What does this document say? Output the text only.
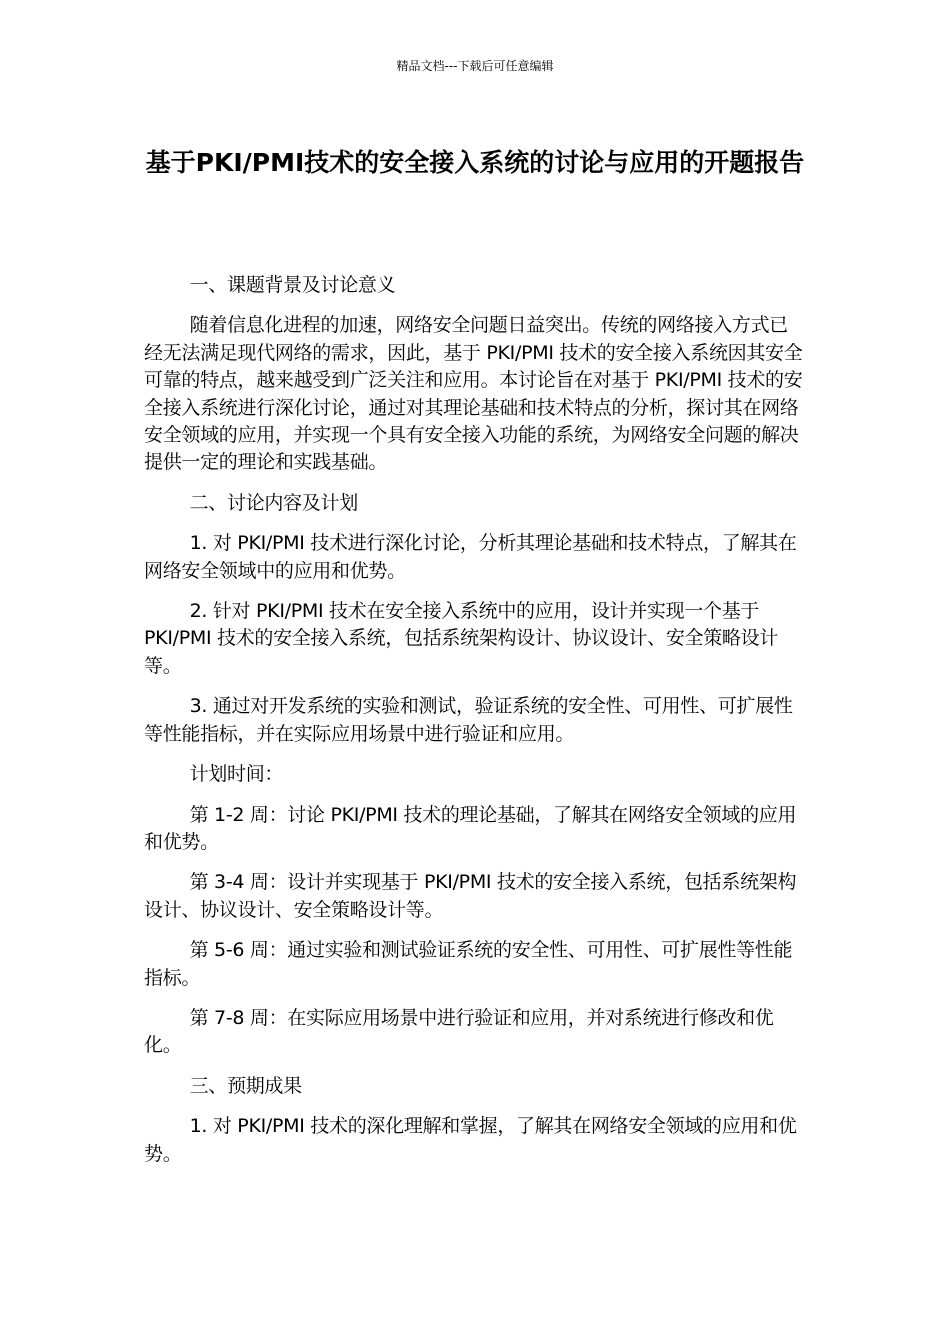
精品文档---下载后可任意编辑
基于PKI/PMI技术的安全接入系统的讨论与应用的开题报告

一、课题背景及讨论意义

随着信息化进程的加速，网络安全问题日益突出。传统的网络接入方式已经无法满足现代网络的需求，因此，基于 PKI/PMI 技术的安全接入系统因其安全可靠的特点，越来越受到广泛关注和应用。本讨论旨在对基于 PKI/PMI 技术的安全接入系统进行深化讨论，通过对其理论基础和技术特点的分析，探讨其在网络安全领域的应用，并实现一个具有安全接入功能的系统，为网络安全问题的解决提供一定的理论和实践基础。

二、讨论内容及计划

1. 对 PKI/PMI 技术进行深化讨论，分析其理论基础和技术特点，了解其在网络安全领域中的应用和优势。

2. 针对 PKI/PMI 技术在安全接入系统中的应用，设计并实现一个基于 PKI/PMI 技术的安全接入系统，包括系统架构设计、协议设计、安全策略设计等。

3. 通过对开发系统的实验和测试，验证系统的安全性、可用性、可扩展性等性能指标，并在实际应用场景中进行验证和应用。

计划时间：

第 1-2 周：讨论 PKI/PMI 技术的理论基础，了解其在网络安全领域的应用和优势。

第 3-4 周：设计并实现基于 PKI/PMI 技术的安全接入系统，包括系统架构设计、协议设计、安全策略设计等。

第 5-6 周：通过实验和测试验证系统的安全性、可用性、可扩展性等性能指标。

第 7-8 周：在实际应用场景中进行验证和应用，并对系统进行修改和优化。

三、预期成果

1. 对 PKI/PMI 技术的深化理解和掌握，了解其在网络安全领域的应用和优势。
